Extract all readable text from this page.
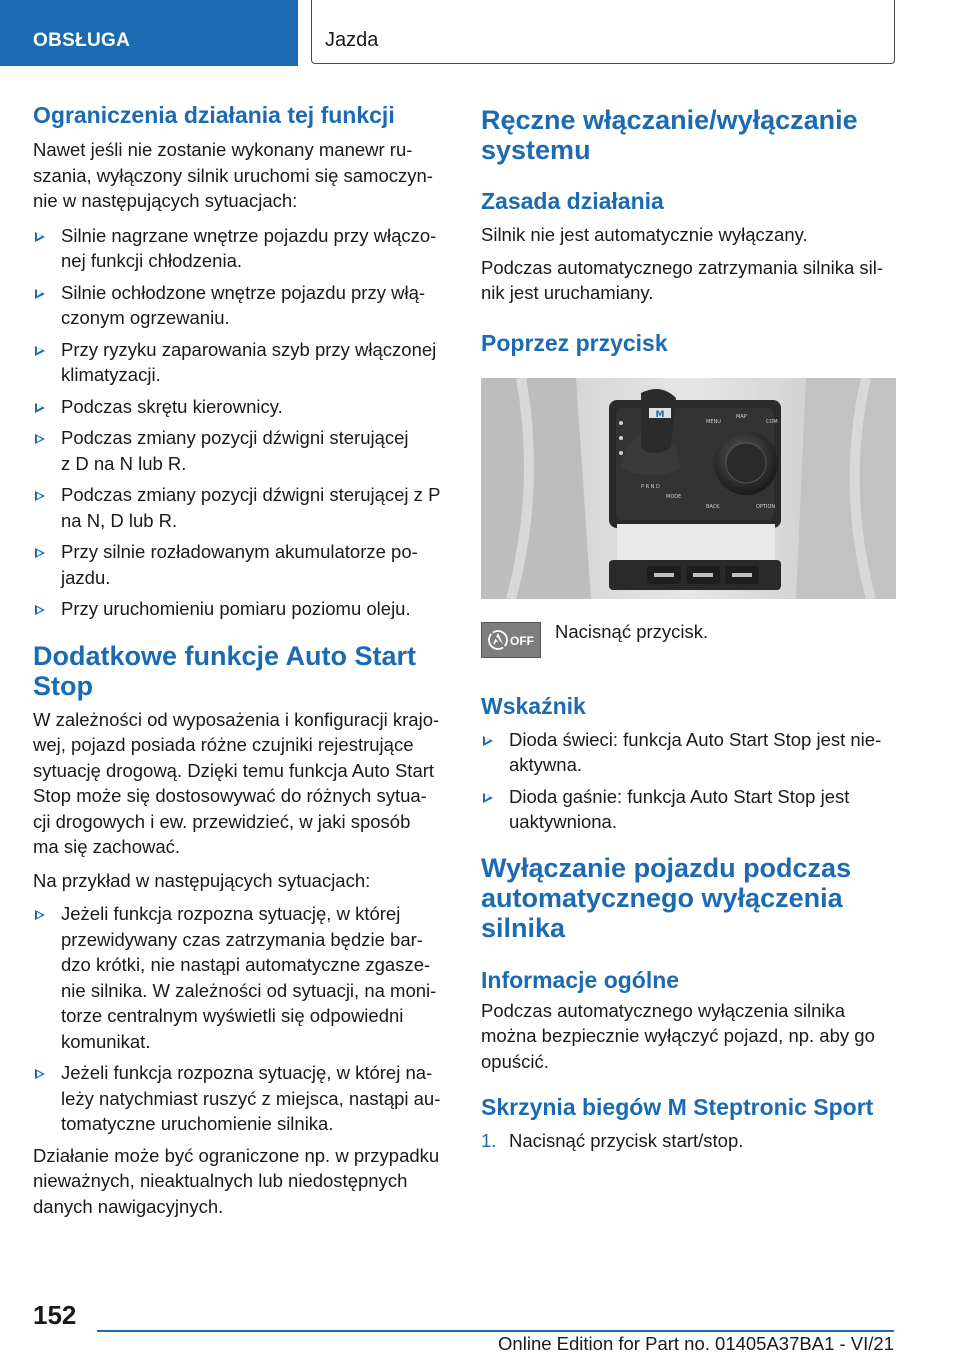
OBSŁUGA	Jazda
Ograniczenia działania tej funkcji

Nawet jeśli nie zostanie wykonany manewr ru-
szania, wyłączony silnik uruchomi się samoczyn-
nie w następujących sytuacjach:

Silnie nagrzane wnętrze pojazdu przy włączo-
nej funkcji chłodzenia.
Silnie ochłodzone wnętrze pojazdu przy włą-
czonym ogrzewaniu.
Przy ryzyku zaparowania szyb przy włączonej
klimatyzacji.
Podczas skrętu kierownicy.
Podczas zmiany pozycji dźwigni sterującej
z D na N lub R.
Podczas zmiany pozycji dźwigni sterującej z P
na N, D lub R.
Przy silnie rozładowanym akumulatorze po-
jazdu.
Przy uruchomieniu pomiaru poziomu oleju.
Dodatkowe funkcje Auto Start
Stop

W zależności od wyposażenia i konfiguracji krajo-
wej, pojazd posiada różne czujniki rejestrujące
sytuację drogową. Dzięki temu funkcja Auto Start
Stop może się dostosowywać do różnych sytua-
cji drogowych i ew. przewidzieć, w jaki sposób
ma się zachować.

Na przykład w następujących sytuacjach:

Jeżeli funkcja rozpozna sytuację, w której
przewidywany czas zatrzymania będzie bar-
dzo krótki, nie nastąpi automatyczne zgasze-
nie silnika. W zależności od sytuacji, na moni-
torze centralnym wyświetli się odpowiedni
komunikat.
Jeżeli funkcja rozpozna sytuację, w której na-
leży natychmiast ruszyć z miejsca, nastąpi au-
tomatyczne uruchomienie silnika.

Działanie może być ograniczone np. w przypadku
nieważnych, nieaktualnych lub niedostępnych
danych nawigacyjnych.

Ręczne włączanie/wyłączanie
systemu
Zasada działania

Silnik nie jest automatycznie wyłączany.

Podczas automatycznego zatrzymania silnika sil-
nik jest uruchamiany.

Poprzez przycisk
M
MENU
MAP
COM
BACK	OPTION
MODE
P R N D
OFF Nacisnąć przycisk.

Wskaźnik
Dioda świeci: funkcja Auto Start Stop jest nie-
aktywna.
Dioda gaśnie: funkcja Auto Start Stop jest
uaktywniona.
Wyłączanie pojazdu podczas
automatycznego wyłączenia
silnika
Informacje ogólne

Podczas automatycznego wyłączenia silnika
można bezpiecznie wyłączyć pojazd, np. aby go
opuścić.

Skrzynia biegów M Steptronic Sport
1. Nacisnąć przycisk start/stop.
152
Online Edition for Part no. 01405A37BA1 - VI/21
